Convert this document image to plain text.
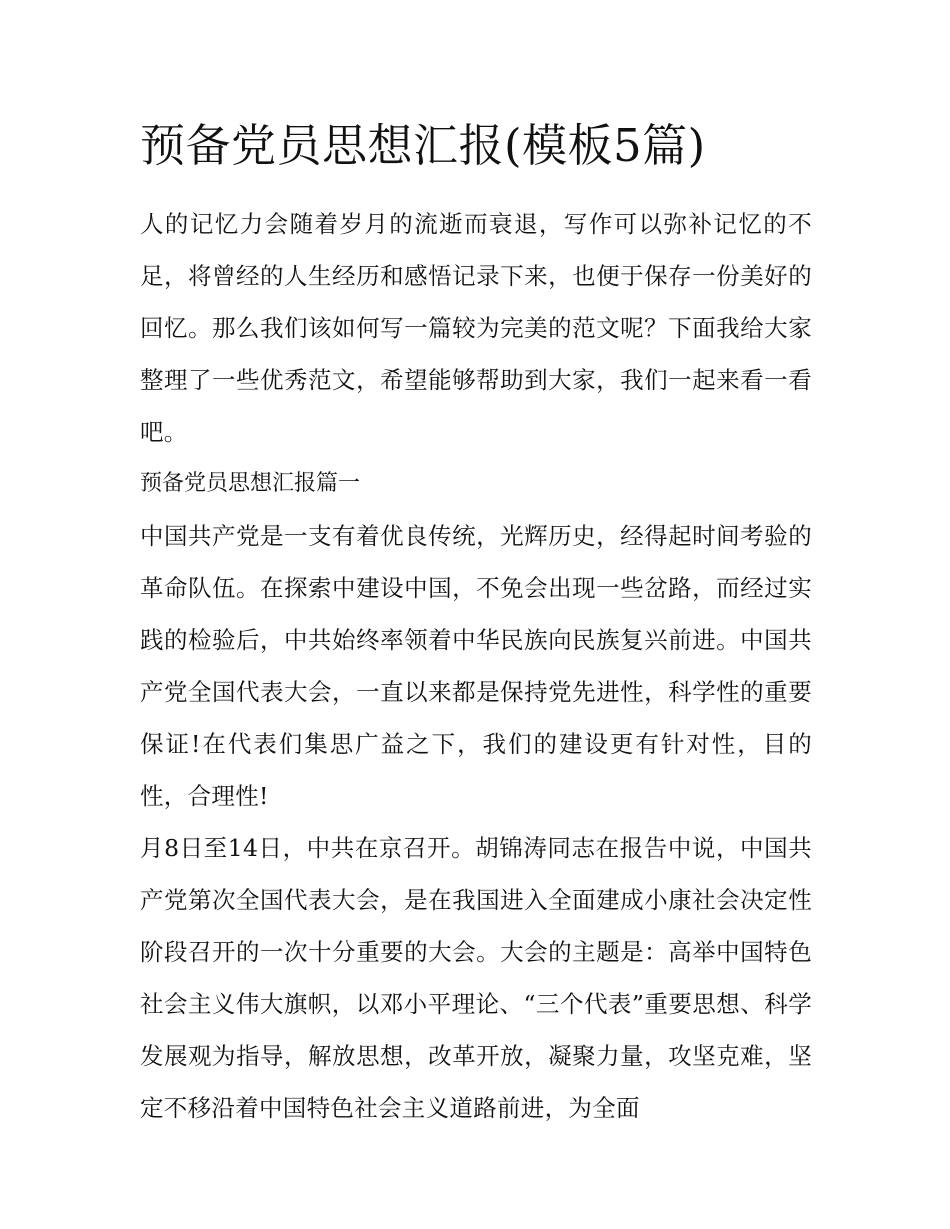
预备党员思想汇报(模板5篇)

人的记忆力会随着岁月的流逝而衰退，写作可以弥补记忆的不足，将曾经的人生经历和感悟记录下来，也便于保存一份美好的回忆。那么我们该如何写一篇较为完美的范文呢？下面我给大家整理了一些优秀范文，希望能够帮助到大家，我们一起来看一看吧。

预备党员思想汇报篇一

中国共产党是一支有着优良传统，光辉历史，经得起时间考验的革命队伍。在探索中建设中国，不免会出现一些岔路，而经过实践的检验后，中共始终率领着中华民族向民族复兴前进。中国共产党全国代表大会，一直以来都是保持党先进性，科学性的重要保证!在代表们集思广益之下，我们的建设更有针对性，目的性，合理性!

月8日至14日，中共在京召开。胡锦涛同志在报告中说，中国共产党第次全国代表大会，是在我国进入全面建成小康社会决定性阶段召开的一次十分重要的大会。大会的主题是：高举中国特色社会主义伟大旗帜，以邓小平理论、“三个代表”重要思想、科学发展观为指导，解放思想，改革开放，凝聚力量，攻坚克难，坚定不移沿着中国特色社会主义道路前进，为全面
